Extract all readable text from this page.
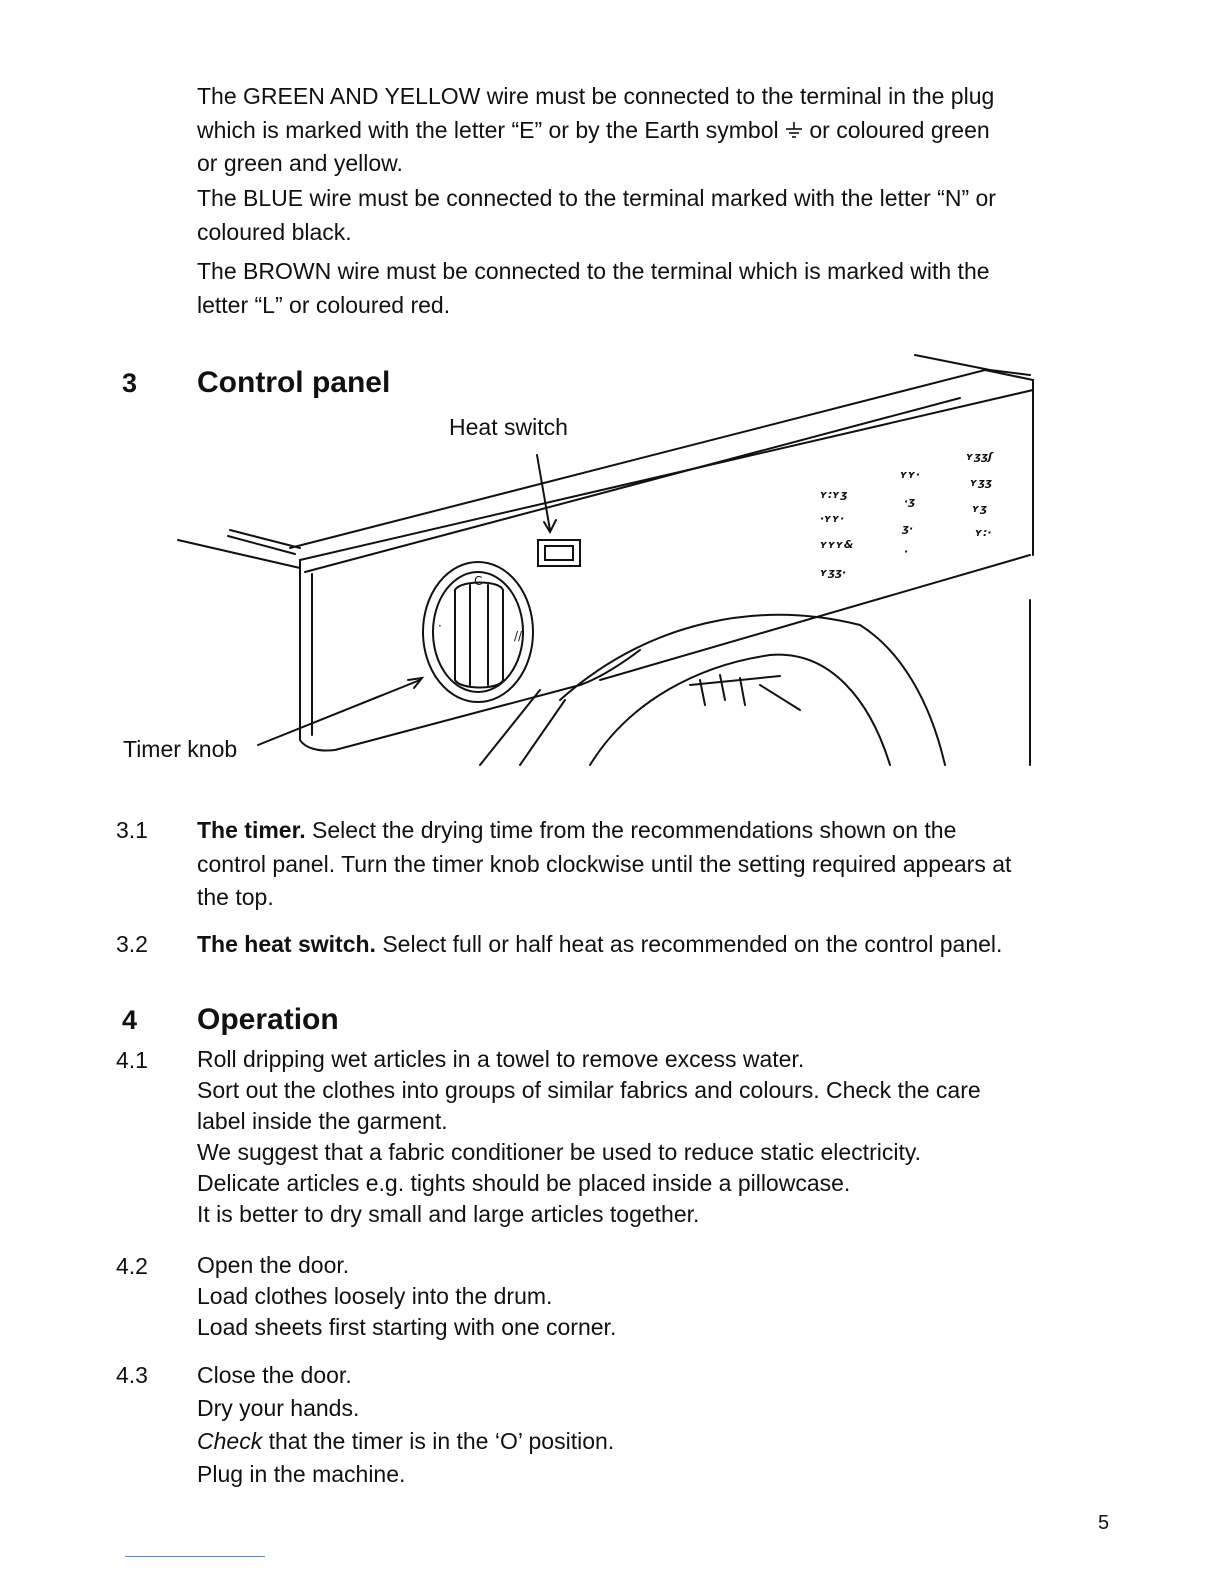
The GREEN AND YELLOW wire must be connected to the terminal in the plug
which is marked with the letter “E” or by the Earth symbol or coloured green
or green and yellow.
The BLUE wire must be connected to the terminal marked with the letter “N” or
coloured black.
The BROWN wire must be connected to the terminal which is marked with the
letter “L” or coloured red.
3 Control panel
ʏ:ʏʒ
·ʏʏ·
ʏʏʏ&
ʏʒʒ·
ʏʏ·
·ʒ
ʒ·
·
ʏʒʒʃ
ʏʒʒ
ʏʒ
ʏ:·
C
·
//
Heat switch
Timer knob
3.1 The timer. Select the drying time from the recommendations shown on the
control panel. Turn the timer knob clockwise until the setting required appears at
the top.
3.2 The heat switch. Select full or half heat as recommended on the control panel.
4 Operation
4.1 Roll dripping wet articles in a towel to remove excess water.
Sort out the clothes into groups of similar fabrics and colours. Check the care
label inside the garment.
We suggest that a fabric conditioner be used to reduce static electricity.
Delicate articles e.g. tights should be placed inside a pillowcase.
It is better to dry small and large articles together.
4.2 Open the door.
Load clothes loosely into the drum.
Load sheets first starting with one corner.
4.3 Close the door.
Dry your hands.
Check that the timer is in the ‘O’ position.
Plug in the machine.
5
